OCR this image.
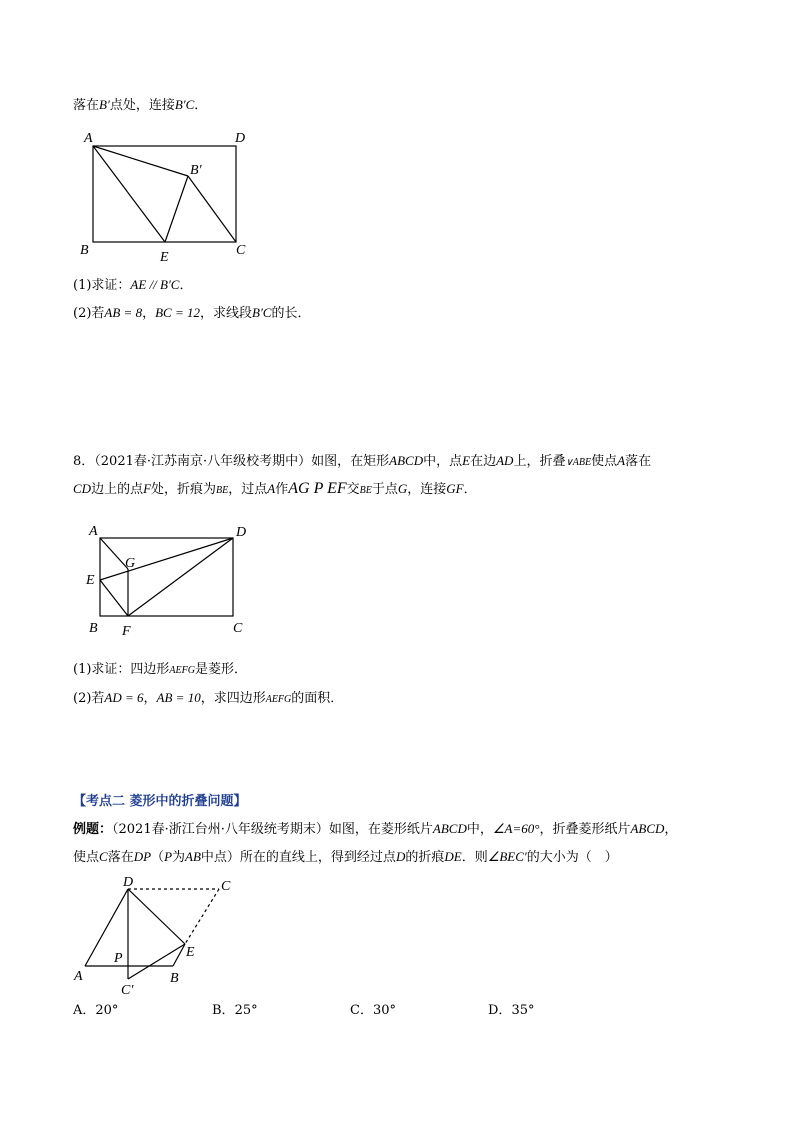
落在B′点处，连接B′C．
A	D
B′
B	E	C
(1)求证：AE // B′C．
(2)若AB = 8，BC = 12，求线段B′C的长．
8．（2021春·江苏南京·八年级校考期中）如图，在矩形ABCD中，点E在边AD上，折叠∨ABE使点A落在
CD边上的点F处，折痕为BE，过点A作AG P EF交BE于点G，连接GF．
A	D
G
E
B F	C
(1)求证：四边形AEFG是菱形．
(2)若AD = 6，AB = 10，求四边形AEFG的面积．
【考点二 菱形中的折叠问题】
例题：（2021春·浙江台州·八年级统考期末）如图，在菱形纸片ABCD中，∠A=60°，折叠菱形纸片ABCD，
使点C落在DP（P为AB中点）所在的直线上，得到经过点D的折痕DE．则∠BEC′的大小为（　）
D	C
P	E
A	B
C′
A．20°	B．25°	C．30°	D．35°
